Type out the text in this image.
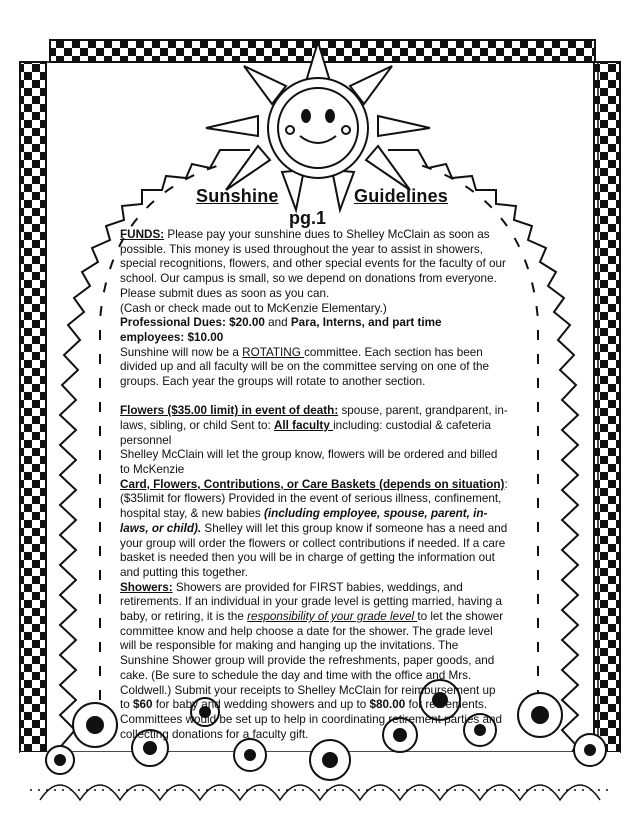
Sunshine	Guidelines
pg.1

FUNDS: Please pay your sunshine dues to Shelley McClain as soon as possible. This money is used throughout the year to assist in showers, special recognitions, flowers, and other special events for the faculty of our school. Our campus is small, so we depend on donations from everyone. Please submit dues as soon as you can.

(Cash or check made out to McKenzie Elementary.)

Professional Dues: $20.00 and Para, Interns, and part time employees: $10.00

Sunshine will now be a ROTATING committee. Each section has been divided up and all faculty will be on the committee serving on one of the groups. Each year the groups will rotate to another section.

Flowers ($35.00 limit) in event of death: spouse, parent, grandparent, in-laws, sibling, or child Sent to: All faculty including: custodial & cafeteria personnel

Shelley McClain will let the group know, flowers will be ordered and billed to McKenzie

Card, Flowers, Contributions, or Care Baskets (depends on situation): ($35limit for flowers) Provided in the event of serious illness, confinement, hospital stay, & new babies (including employee, spouse, parent, in-laws, or child). Shelley will let this group know if someone has a need and your group will order the flowers or collect contributions if needed. If a care basket is needed then you will be in charge of getting the information out and putting this together.

Showers: Showers are provided for FIRST babies, weddings, and retirements. If an individual in your grade level is getting married, having a baby, or retiring, it is the responsibility of your grade level to let the shower committee know and help choose a date for the shower. The grade level will be responsible for making and hanging up the invitations. The Sunshine Shower group will provide the refreshments, paper goods, and cake. (Be sure to schedule the day and time with the office and Mrs. Coldwell.) Submit your receipts to Shelley McClain for reimbursement up to $60 for baby and wedding showers and up to $80.00 for retirements.

Committees would be set up to help in coordinating retirement parties and collecting donations for a faculty gift.
